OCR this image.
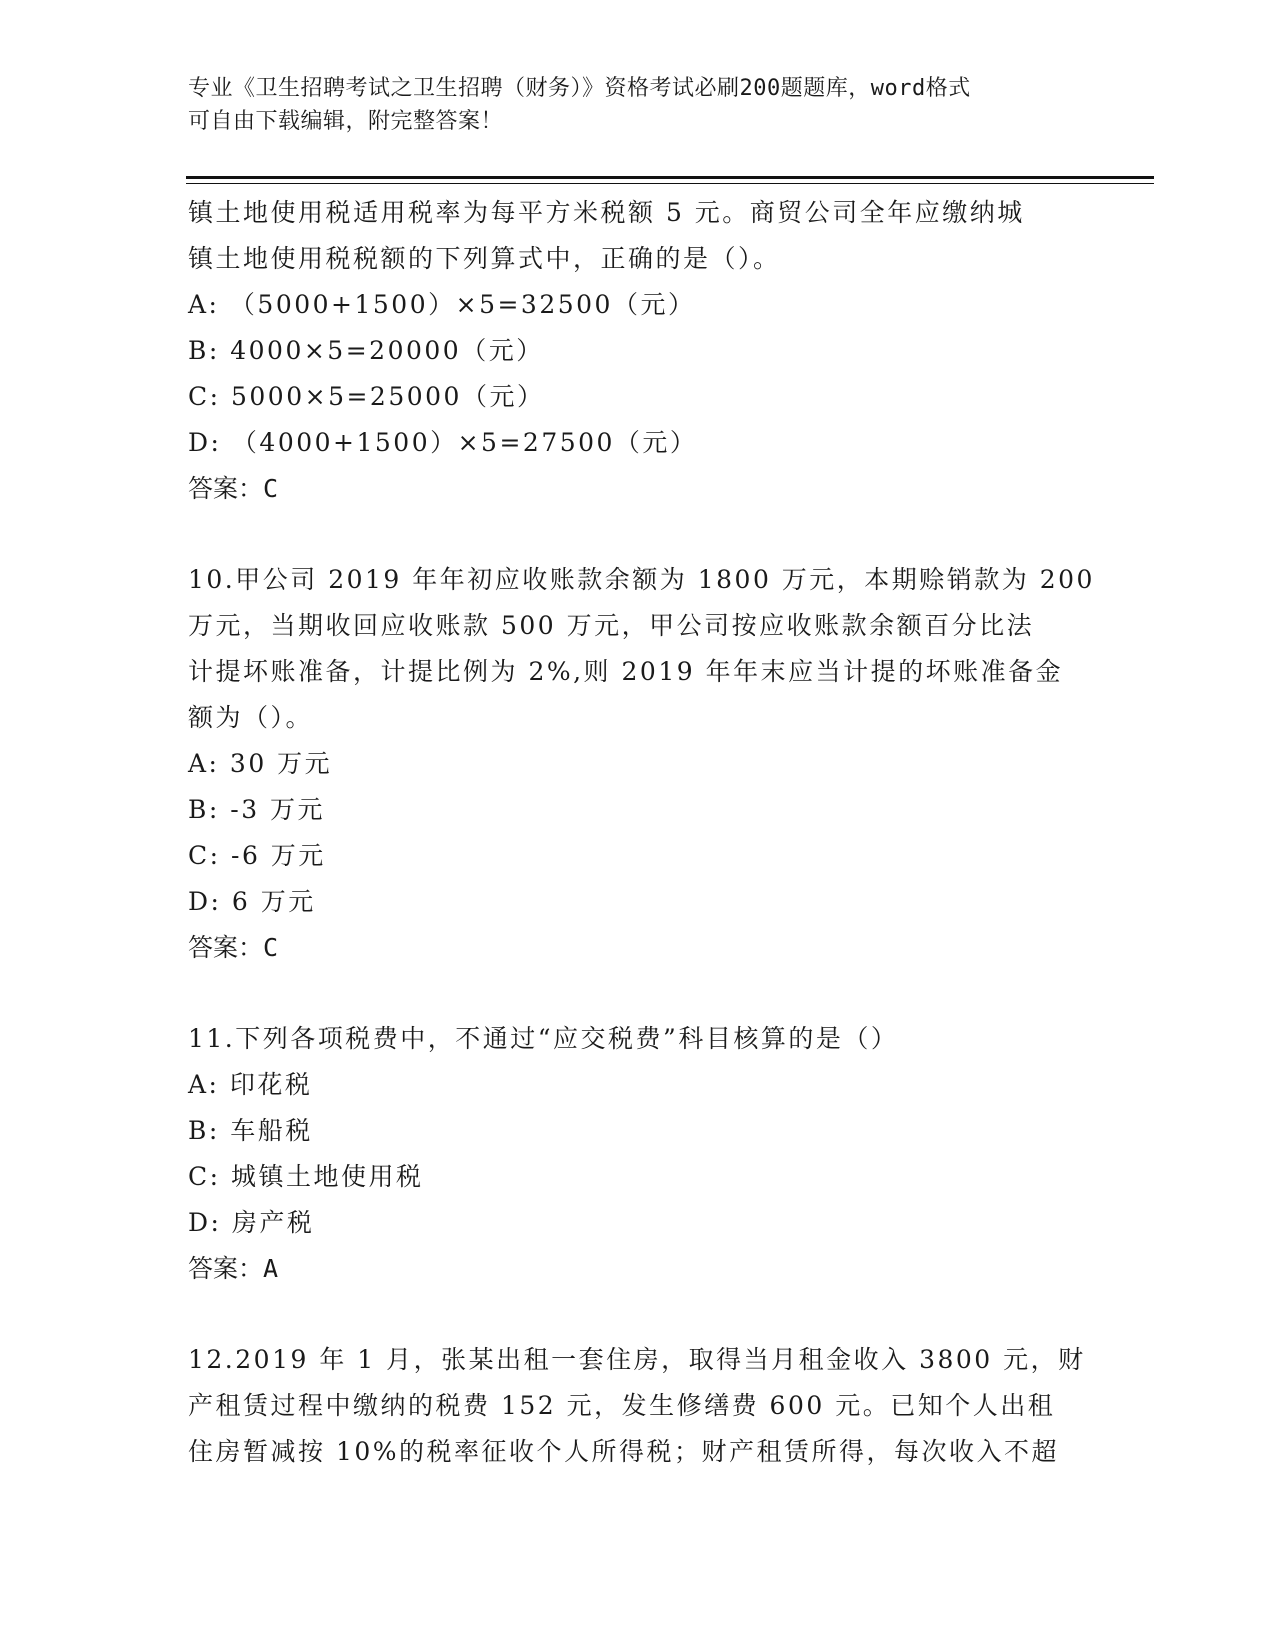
专业《卫生招聘考试之卫生招聘（财务）》资格考试必刷200题题库，word格式
可自由下载编辑，附完整答案！
镇土地使用税适用税率为每平方米税额 5 元。商贸公司全年应缴纳城
镇土地使用税税额的下列算式中，正确的是（）。
A: （5000+1500）×5=32500（元）
B: 4000×5=20000（元）
C: 5000×5=25000（元）
D: （4000+1500）×5=27500（元）
答案：C
10.甲公司 2019 年年初应收账款余额为 1800 万元，本期赊销款为 200
万元，当期收回应收账款 500 万元，甲公司按应收账款余额百分比法
计提坏账准备，计提比例为 2%,则 2019 年年末应当计提的坏账准备金
额为（）。
A: 30 万元
B: -3 万元
C: -6 万元
D: 6 万元
答案：C
11.下列各项税费中，不通过“应交税费”科目核算的是（）
A: 印花税
B: 车船税
C: 城镇土地使用税
D: 房产税
答案：A
12.2019 年 1 月，张某出租一套住房，取得当月租金收入 3800 元，财
产租赁过程中缴纳的税费 152 元，发生修缮费 600 元。已知个人出租
住房暂减按 10%的税率征收个人所得税；财产租赁所得，每次收入不超
